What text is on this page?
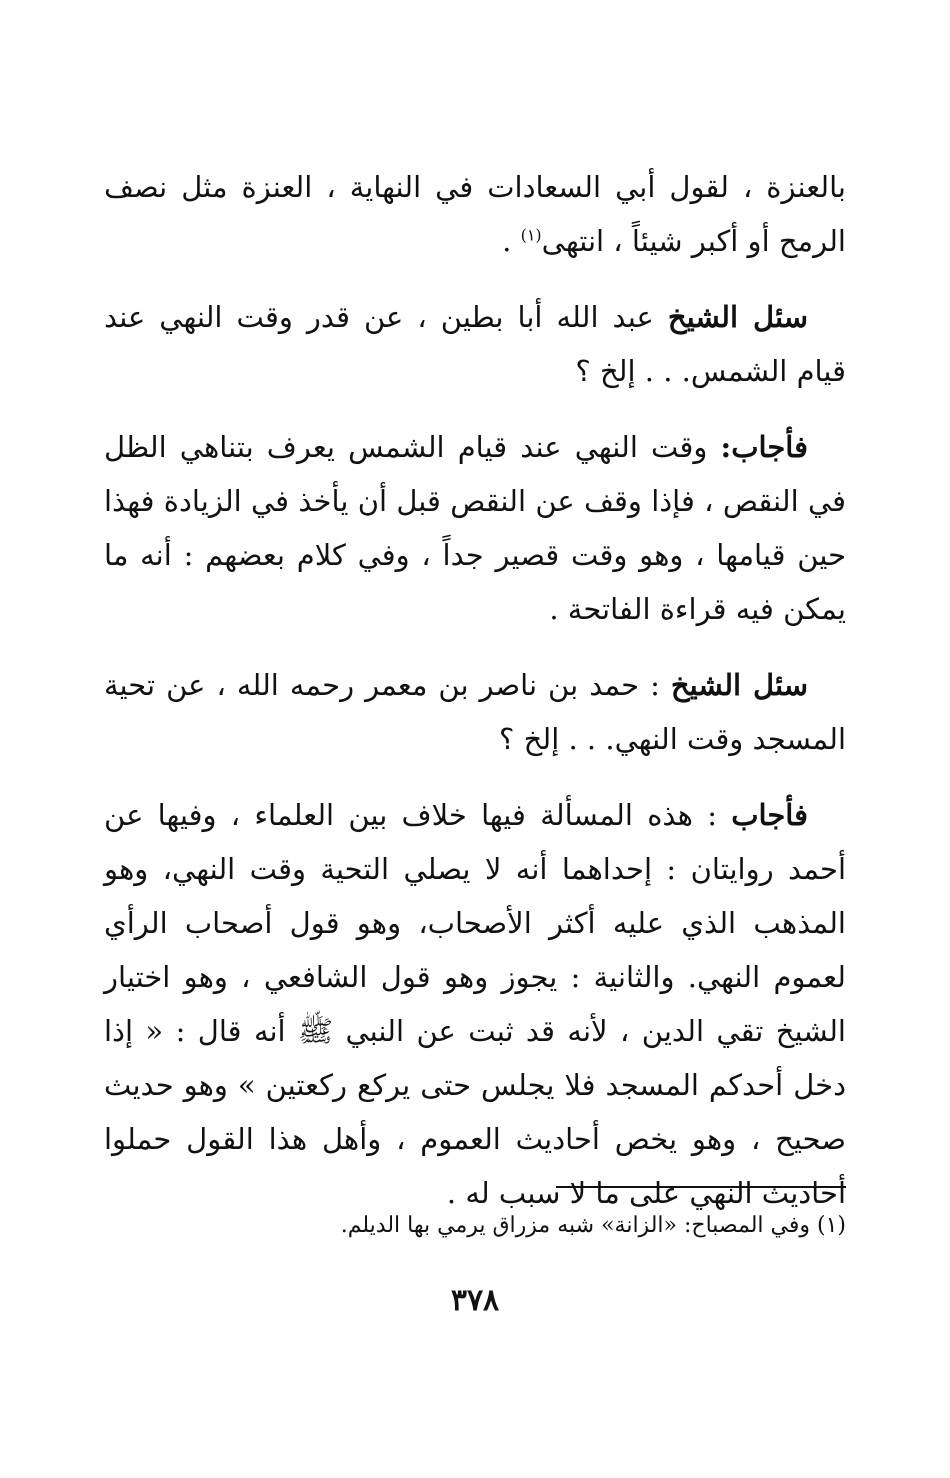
بالعنزة ، لقول أبي السعادات في النهاية ، العنزة مثل نصف الرمح أو أكبر شيئاً ، انتهى$^{(١)}$ .

سئل الشيخ عبد الله أبا بطين ، عن قدر وقت النهي عند قيام الشمس. . . إلخ ؟

فأجاب: وقت النهي عند قيام الشمس يعرف بتناهي الظل في النقص ، فإذا وقف عن النقص قبل أن يأخذ في الزيادة فهذا حين قيامها ، وهو وقت قصير جداً ، وفي كلام بعضهم : أنه ما يمكن فيه قراءة الفاتحة .

سئل الشيخ : حمد بن ناصر بن معمر رحمه الله ، عن تحية المسجد وقت النهي. . . إلخ ؟

فأجاب : هذه المسألة فيها خلاف بين العلماء ، وفيها عن أحمد روايتان : إحداهما أنه لا يصلي التحية وقت النهي، وهو المذهب الذي عليه أكثر الأصحاب، وهو قول أصحاب الرأي لعموم النهي. والثانية : يجوز وهو قول الشافعي ، وهو اختيار الشيخ تقي الدين ، لأنه قد ثبت عن النبي ﷺ أنه قال : « إذا دخل أحدكم المسجد فلا يجلس حتى يركع ركعتين » وهو حديث صحيح ، وهو يخص أحاديث العموم ، وأهل هذا القول حملوا أحاديث النهي على ما لا سبب له .

(١) وفي المصباح: «الزانة» شبه مزراق يرمي بها الديلم.

٣٧٨
